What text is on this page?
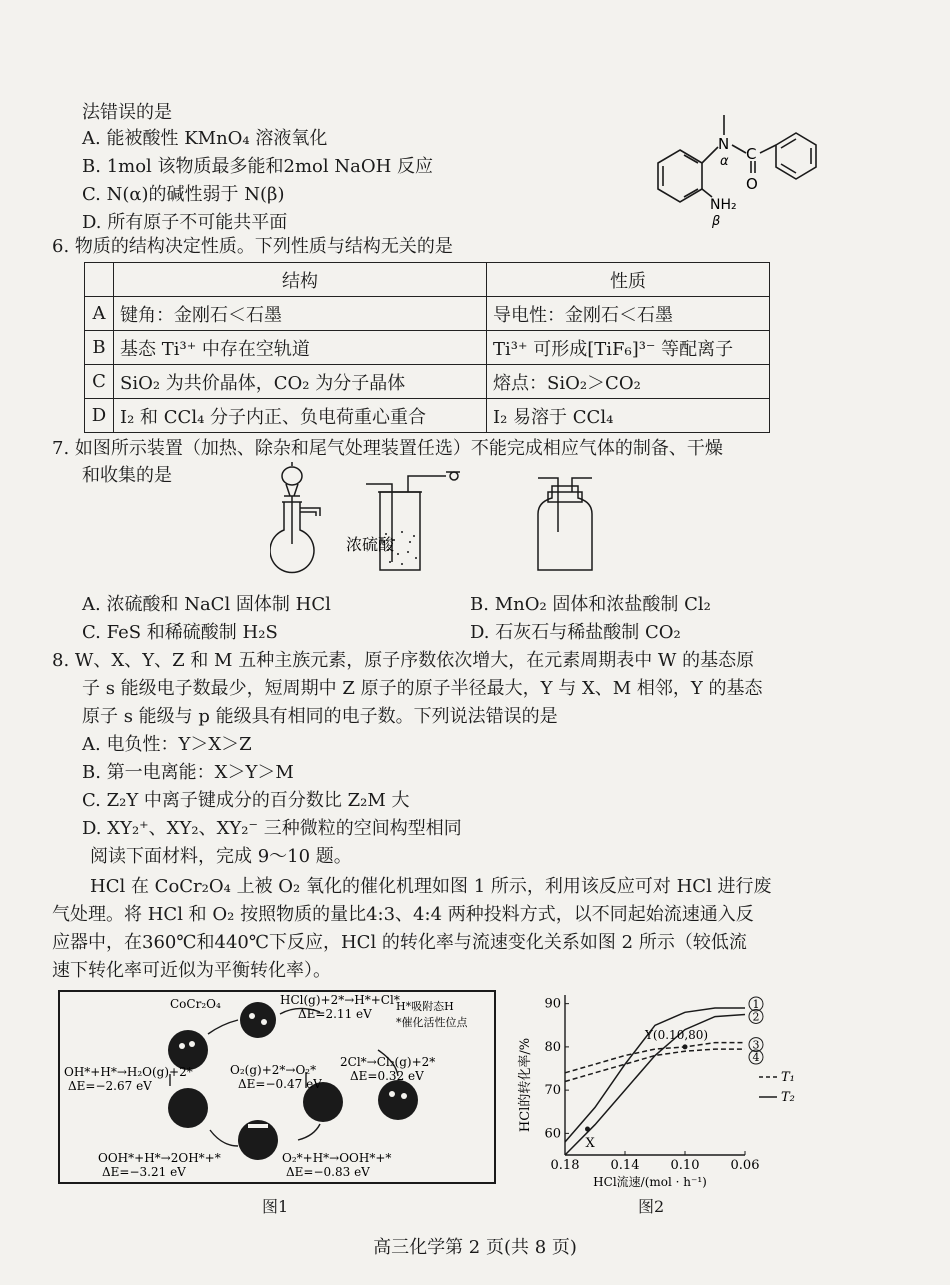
法错误的是
A. 能被酸性 KMnO₄ 溶液氧化
B. 1mol 该物质最多能和2mol NaOH 反应
C. N(α)的碱性弱于 N(β)
D. 所有原子不可能共平面
N
α C
O
NH₂
β
6. 物质的结构决定性质。下列性质与结构无关的是
	结构	性质
A	键角：金刚石＜石墨	导电性：金刚石＜石墨
B	基态 Ti³⁺ 中存在空轨道	Ti³⁺ 可形成[TiF₆]³⁻ 等配离子
C	SiO₂ 为共价晶体，CO₂ 为分子晶体	熔点：SiO₂＞CO₂
D	I₂ 和 CCl₄ 分子内正、负电荷重心重合	I₂ 易溶于 CCl₄
7. 如图所示装置（加热、除杂和尾气处理装置任选）不能完成相应气体的制备、干燥
和收集的是
浓硫酸
A. 浓硫酸和 NaCl 固体制 HCl	B. MnO₂ 固体和浓盐酸制 Cl₂
C. FeS 和稀硫酸制 H₂S	D. 石灰石与稀盐酸制 CO₂
8. W、X、Y、Z 和 M 五种主族元素，原子序数依次增大，在元素周期表中 W 的基态原
子 s 能级电子数最少，短周期中 Z 原子的原子半径最大，Y 与 X、M 相邻，Y 的基态
原子 s 能级与 p 能级具有相同的电子数。下列说法错误的是
A. 电负性：Y＞X＞Z
B. 第一电离能：X＞Y＞M
C. Z₂Y 中离子键成分的百分数比 Z₂M 大
D. XY₂⁺、XY₂、XY₂⁻ 三种微粒的空间构型相同
阅读下面材料，完成 9～10 题。
HCl 在 CoCr₂O₄ 上被 O₂ 氧化的催化机理如图 1 所示，利用该反应可对 HCl 进行废
气处理。将 HCl 和 O₂ 按照物质的量比4:3、4:4 两种投料方式，以不同起始流速通入反
应器中，在360℃和440℃下反应，HCl 的转化率与流速变化关系如图 2 所示（较低流
速下转化率可近似为平衡转化率）。
CoCr₂O₄	HCl(g)+2*→H*+Cl*
ΔE=2.11 eV
H*吸附态H
*催化活性位点
2Cl*→Cl₂(g)+2*
ΔE=0.32 eV
O₂(g)+2*→O₂*
ΔE=−0.47 eV
O₂*+H*→OOH*+*
ΔE=−0.83 eV
OOH*+H*→2OH*+*
ΔE=−3.21 eV
OH*+H*→H₂O(g)+2*
ΔE=−2.67 eV
图1
HCl的转化率/%
HCl流速/(mol · h⁻¹)
60
70
80
90
0.18 0.14 0.10 0.06
1
2
3
4
Y(0.10,80)
X
T₁
T₂
图2
高三化学第 2 页(共 8 页)
